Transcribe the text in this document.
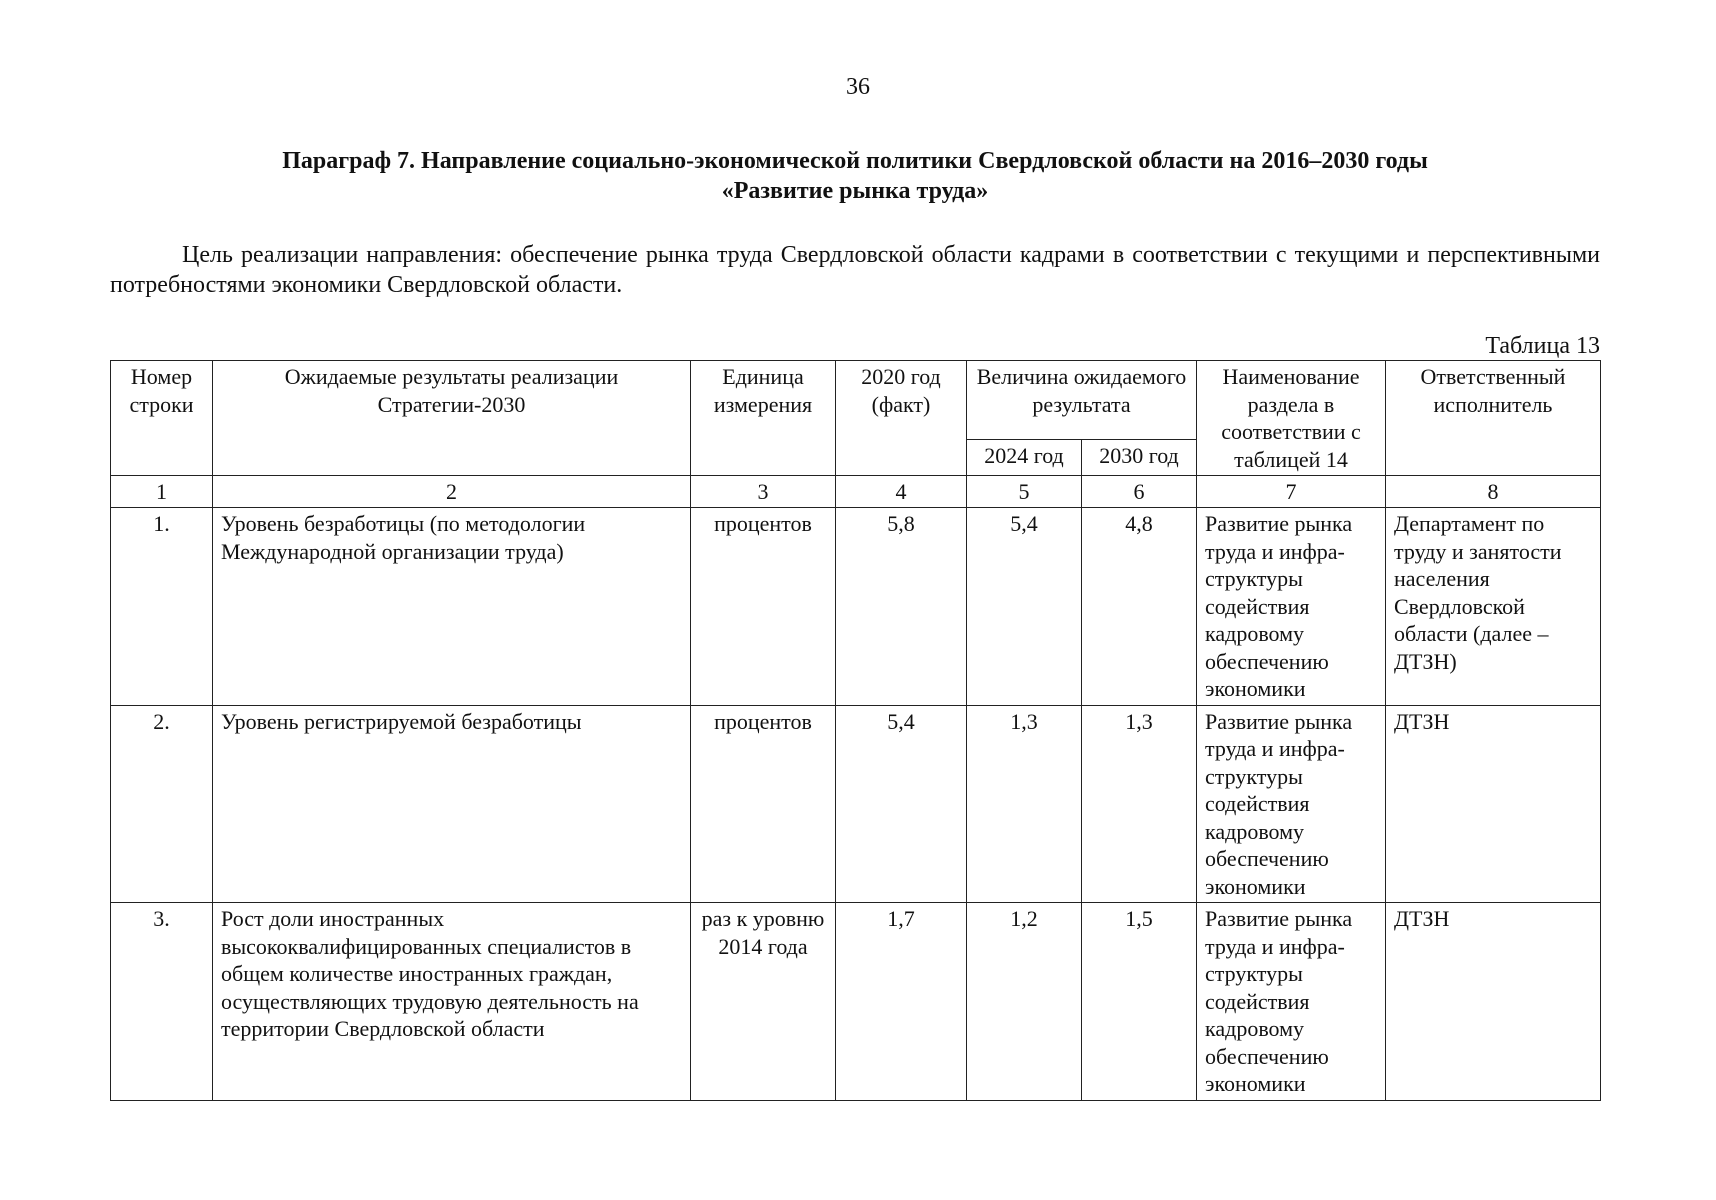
36
Параграф 7. Направление социально-экономической политики Свердловской области на 2016–2030 годы
«Развитие рынка труда»
Цель реализации направления: обеспечение рынка труда Свердловской области кадрами в соответствии с текущими и перспективными потребностями экономики Свердловской области.
Таблица 13
Номер строки	Ожидаемые результаты реализации Стратегии-2030	Единица измерения	2020 год (факт)	Величина ожидаемого результата		Наименование раздела в соответствии с таблицей 14	Ответственный исполнитель
				2024 год	2030 год		
1	2	3	4	5	6	7	8
1.	Уровень безработицы (по методологии Международной организации труда)	процентов	5,8	5,4	4,8	Развитие рынка труда и инфра-структуры содействия кадровому обеспечению экономики	Департамент по труду и занятости населения Свердловской области (далее – ДТЗН)
2.	Уровень регистрируемой безработицы	процентов	5,4	1,3	1,3	Развитие рынка труда и инфра-структуры содействия кадровому обеспечению экономики	ДТЗН
3.	Рост доли иностранных высококвалифицированных специалистов в общем количестве иностранных граждан, осуществляющих трудовую деятельность на территории Свердловской области	раз к уровню 2014 года	1,7	1,2	1,5	Развитие рынка труда и инфра-структуры содействия кадровому обеспечению экономики	ДТЗН
